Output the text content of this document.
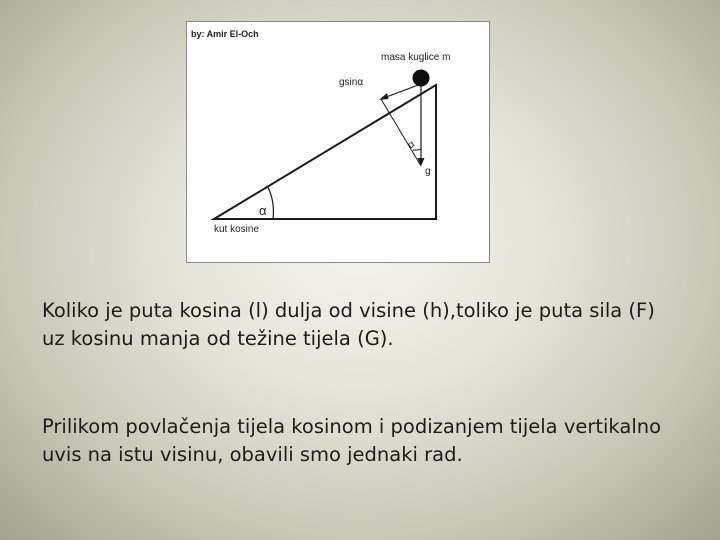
by: Amir El-Och
α
α
masa kuglice m
gsinα
g
kut kosine

Koliko je puta kosina (l) dulja od visine (h),toliko je puta sila (F) uz kosinu manja od težine tijela (G).

Prilikom povlačenja tijela kosinom i podizanjem tijela vertikalno uvis na istu visinu, obavili smo jednaki rad.
